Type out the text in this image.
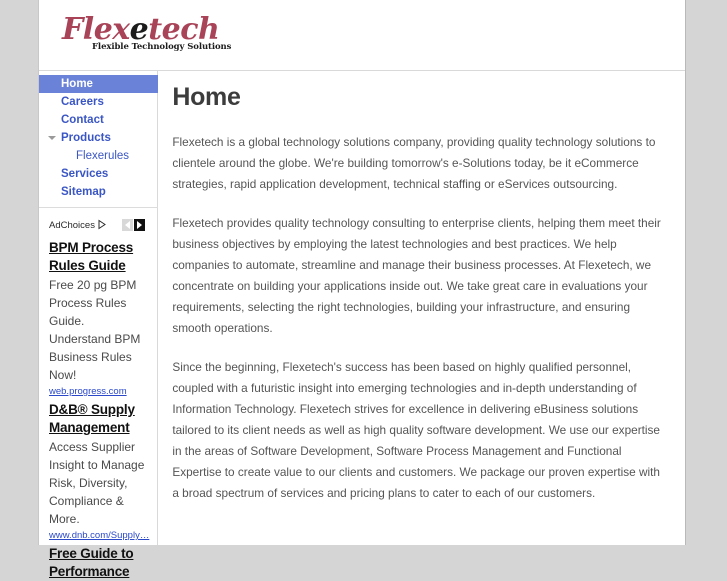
Flexetech
Flexible Technology Solutions
Home
Careers
Contact
Products
Flexerules
Services
Sitemap
AdChoices
BPM Process Rules Guide
Free 20 pg BPM Process Rules Guide. Understand BPM Business Rules Now!
web.progress.com
D&B® Supply Management
Access Supplier Insight to Manage Risk, Diversity, Compliance & More.
www.dnb.com/Supply…
Free Guide to Performance
Home

Flexetech is a global technology solutions company, providing quality technology solutions to clientele around the globe. We're building tomorrow's e-Solutions today, be it eCommerce strategies, rapid application development, technical staffing or eServices outsourcing.

Flexetech provides quality technology consulting to enterprise clients, helping them meet their business objectives by employing the latest technologies and best practices. We help companies to automate, streamline and manage their business processes. At Flexetech, we concentrate on building your applications inside out. We take great care in evaluations your requirements, selecting the right technologies, building your infrastructure, and ensuring smooth operations.

Since the beginning, Flexetech's success has been based on highly qualified personnel, coupled with a futuristic insight into emerging technologies and in-depth understanding of Information Technology. Flexetech strives for excellence in delivering eBusiness solutions tailored to its client needs as well as high quality software development. We use our expertise in the areas of Software Development, Software Process Management and Functional Expertise to create value to our clients and customers. We package our proven expertise with a broad spectrum of services and pricing plans to cater to each of our customers.
